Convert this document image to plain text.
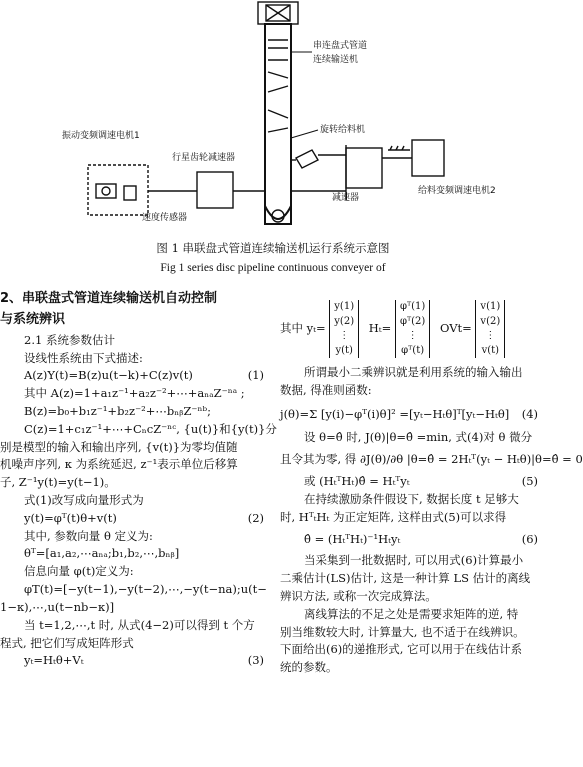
串连盘式管道
连续输送机
振动变频调速电机1
行星齿轮减速器
速度传感器
旋转给料机
减速器
给料变频调速电机2
图 1 串联盘式管道连续输送机运行系统示意图
Fig 1 series disc pipeline continuous conveyer of
2、串联盘式管道连续输送机自动控制
与系统辨识
2.1 系统参数估计
设线性系统由下式描述:
A(z)Y(t)=B(z)u(t−k)+C(z)v(t)	(1)
其中 A(z)=1+a₁z⁻¹+a₂z⁻²+⋯+aₙₐZ⁻ⁿᵃ ;
B(z)=b₀+b₁z⁻¹+b₂z⁻²+⋯bₙᵦZ⁻ⁿᵇ;
C(z)=1+c₁z⁻¹+⋯+CₙcZ⁻ⁿᶜ, {u(t)}和{y(t)}分
别是模型的输入和输出序列, {v(t)}为零均值随
机噪声序列, κ 为系统延迟, z⁻¹表示单位后移算
子, Z⁻¹y(t)=y(t−1)。
式(1)改写成向量形式为
y(t)=φᵀ(t)θ+v(t)	(2)
其中, 参数向量 θ 定义为:
θᵀ=[a₁,a₂,⋯aₙₐ;b₁,b₂,⋯,bₙᵦ]
信息向量 φ(t)定义为:
φT(t)=[−y(t−1),−y(t−2),⋯,−y(t−na);u(t−
1−κ),⋯,u(t−nb−κ)]
当 t=1,2,⋯,t 时, 从式(4−2)可以得到 t 个方
程式, 把它们写成矩阵形式
yₜ=Hₜθ+Vₜ	(3)
其中 yₜ=
y(1)
y(2)
⋮
y(t)
Hₜ=
φᵀ(1)
φᵀ(2)
⋮
φᵀ(t)
OVt=
v(1)
v(2)
⋮
v(t)
所谓最小二乘辨识就是利用系统的输入输出
数据, 得准则函数:
j(θ)=Σ [y(i)−φᵀ(i)θ]² =[yₜ−Hₜθ]ᵀ[yₜ−Hₜθ] (4)
设 θ=θ̂ 时, J(θ)|θ=θ̂ =min, 式(4)对 θ 微分
且令其为零, 得 ∂J(θ)/∂θ |θ=θ̂ = 2Hₜᵀ(yₜ − Hₜθ)|θ=θ̂ = 0
或 (HₜᵀHₜ)θ̂ = Hₜᵀyₜ	(5)
在持续激励条件假设下, 数据长度 t 足够大
时, HᵀₜHₜ 为正定矩阵, 这样由式(5)可以求得
θ̂ = (HₜᵀHₜ)⁻¹Hₜyₜ	(6)
当采集到一批数据时, 可以用式(6)计算最小
二乘估计(LS)估计, 这是一种计算 LS 估计的离线
辨识方法, 或称一次完成算法。
离线算法的不足之处是需要求矩阵的逆, 特
别当维数较大时, 计算量大, 也不适于在线辨识。
下面给出(6)的递推形式, 它可以用于在线估计系
统的参数。
